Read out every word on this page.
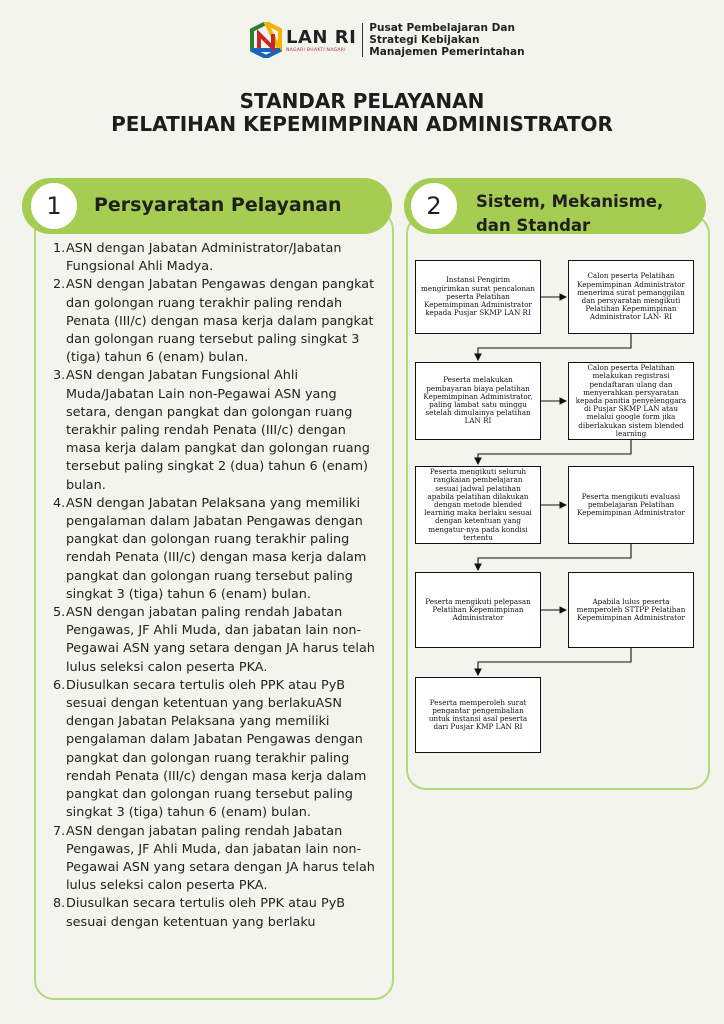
LAN RI
NAGARI BHAKTI NAGARI
Pusat Pembelajaran Dan
Strategi Kebijakan
Manajemen Pemerintahan
STANDAR PELAYANAN
PELATIHAN KEPEMIMPINAN ADMINISTRATOR
1	Persyaratan Pelayanan
1. ASN dengan Jabatan Administrator/Jabatan Fungsional Ahli Madya.
2. ASN dengan Jabatan Pengawas dengan pangkat dan golongan ruang terakhir paling rendah Penata (III/c) dengan masa kerja dalam pangkat dan golongan ruang tersebut paling singkat 3 (tiga) tahun 6 (enam) bulan.
3. ASN dengan Jabatan Fungsional Ahli Muda/Jabatan Lain non-Pegawai ASN yang setara, dengan pangkat dan golongan ruang terakhir paling rendah Penata (III/c) dengan masa kerja dalam pangkat dan golongan ruang tersebut paling singkat 2 (dua) tahun 6 (enam) bulan.
4. ASN dengan Jabatan Pelaksana yang memiliki pengalaman dalam Jabatan Pengawas dengan pangkat dan golongan ruang terakhir paling rendah Penata (III/c) dengan masa kerja dalam pangkat dan golongan ruang tersebut paling singkat 3 (tiga) tahun 6 (enam) bulan.
5. ASN dengan jabatan paling rendah Jabatan Pengawas, JF Ahli Muda, dan jabatan lain non-Pegawai ASN yang setara dengan JA harus telah lulus seleksi calon peserta PKA.
6. Diusulkan secara tertulis oleh PPK atau PyB sesuai dengan ketentuan yang berlakuASN dengan Jabatan Pelaksana yang memiliki pengalaman dalam Jabatan Pengawas dengan pangkat dan golongan ruang terakhir paling rendah Penata (III/c) dengan masa kerja dalam pangkat dan golongan ruang tersebut paling singkat 3 (tiga) tahun 6 (enam) bulan.
7. ASN dengan jabatan paling rendah Jabatan Pengawas, JF Ahli Muda, dan jabatan lain non-Pegawai ASN yang setara dengan JA harus telah lulus seleksi calon peserta PKA.
8. Diusulkan secara tertulis oleh PPK atau PyB sesuai dengan ketentuan yang berlaku
2	Sistem, Mekanisme,
dan Standar
Instansi Pengirim mengirimkan surat pencalonan peserta Pelatihan Kepemimpinan Administrator kepada Pusjar SKMP LAN RI
Calon peserta Pelatihan Kepemimpinan Administrator menerima surat pemanggilan dan persyaratan mengikuti Pelatihan Kepemimpinan Administrator LAN- RI
Peserta melakukan pembayaran biaya pelatihan Kepemimpinan Administrator, paling lambat satu minggu setelah dimulainya pelatihan LAN RI
Calon peserta Pelatihan melakukan registrasi pendaftaran ulang dan menyerahkan persyaratan kepada panitia penyelenggara di Pusjar SKMP LAN atau melalui google form jika diberlakukan sistem blended learning
Peserta mengikuti seluruh rangkaian pembelajaran sesuai jadwal pelatihan apabila pelatihan dilakukan dengan metode blended learning maka berlaku sesuai dengan ketentuan yang mengatur-nya pada kondisi tertentu
Peserta mengikuti evaluasi pembelajaran Pelatihan Kepemimpinan Administrator
Peserta mengikuti pelepasan Pelatihan Kepemimpinan Administrator
Apabila lulus peserta memperoleh STTPP Pelatihan Kepemimpinan Administrator
Peserta memperoleh surat pengantar pengembalian untuk instansi asal peserta dari Pusjar KMP LAN RI
